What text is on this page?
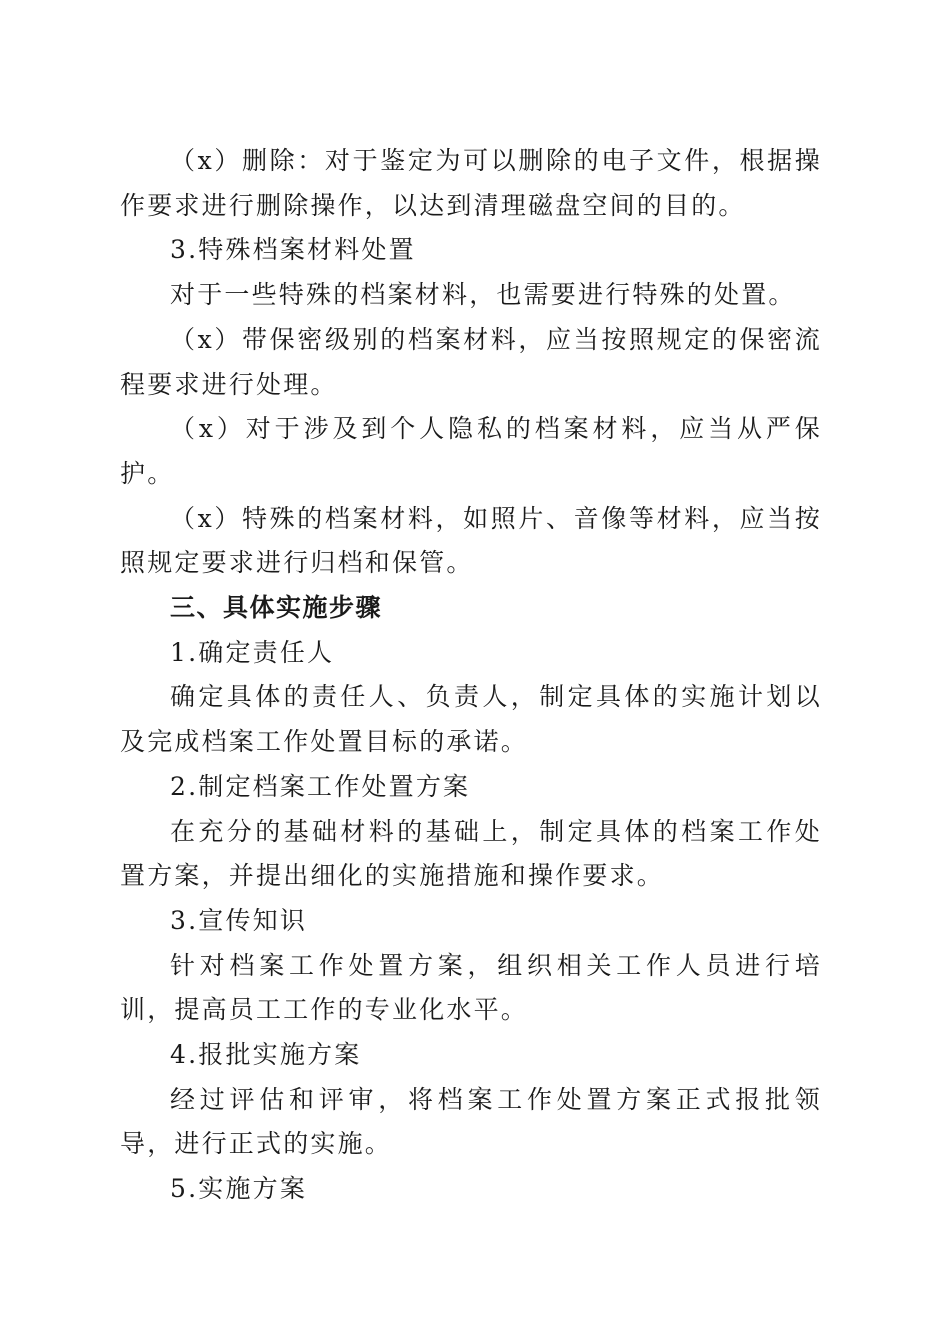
（x）删除：对于鉴定为可以删除的电子文件，根据操作要求进行删除操作，以达到清理磁盘空间的目的。

3.特殊档案材料处置

对于一些特殊的档案材料，也需要进行特殊的处置。

（x）带保密级别的档案材料，应当按照规定的保密流程要求进行处理。

（x）对于涉及到个人隐私的档案材料，应当从严保护。

（x）特殊的档案材料，如照片、音像等材料，应当按照规定要求进行归档和保管。

三、具体实施步骤

1.确定责任人

确定具体的责任人、负责人，制定具体的实施计划以及完成档案工作处置目标的承诺。

2.制定档案工作处置方案

在充分的基础材料的基础上，制定具体的档案工作处置方案，并提出细化的实施措施和操作要求。

3.宣传知识

针对档案工作处置方案，组织相关工作人员进行培训，提高员工工作的专业化水平。

4.报批实施方案

经过评估和评审，将档案工作处置方案正式报批领导，进行正式的实施。

5.实施方案
